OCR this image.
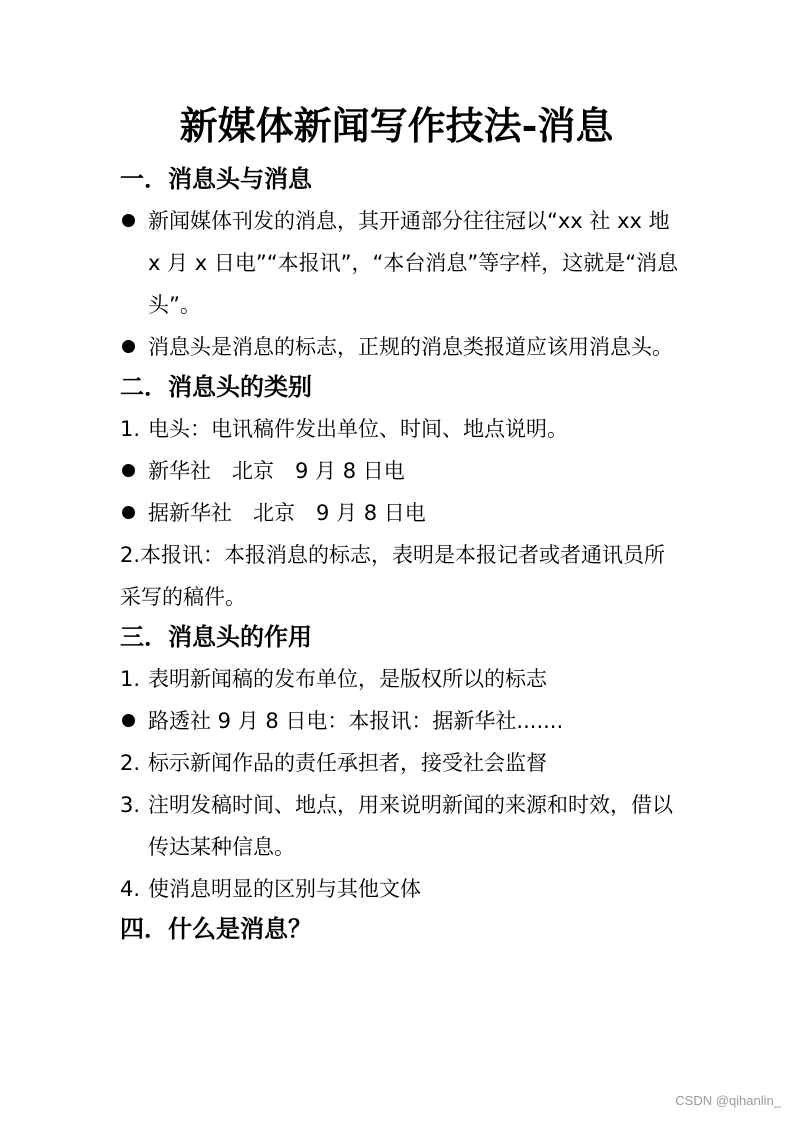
新媒体新闻写作技法-消息
一．消息头与消息

新闻媒体刊发的消息，其开通部分往往冠以“xx 社 xx 地 x 月 x 日电”“本报讯”，“本台消息”等字样，这就是“消息头”。

消息头是消息的标志，正规的消息类报道应该用消息头。

二．消息头的类别

1. 电头：电讯稿件发出单位、时间、地点说明。

新华社　北京　9 月 8 日电

据新华社　北京　9 月 8 日电

2.本报讯：本报消息的标志，表明是本报记者或者通讯员所采写的稿件。

三．消息头的作用

1. 表明新闻稿的发布单位，是版权所以的标志

路透社 9 月 8 日电：本报讯：据新华社.......

2. 标示新闻作品的责任承担者，接受社会监督

3. 注明发稿时间、地点，用来说明新闻的来源和时效，借以传达某种信息。

4. 使消息明显的区别与其他文体

四．什么是消息？
CSDN @qihanlin_
